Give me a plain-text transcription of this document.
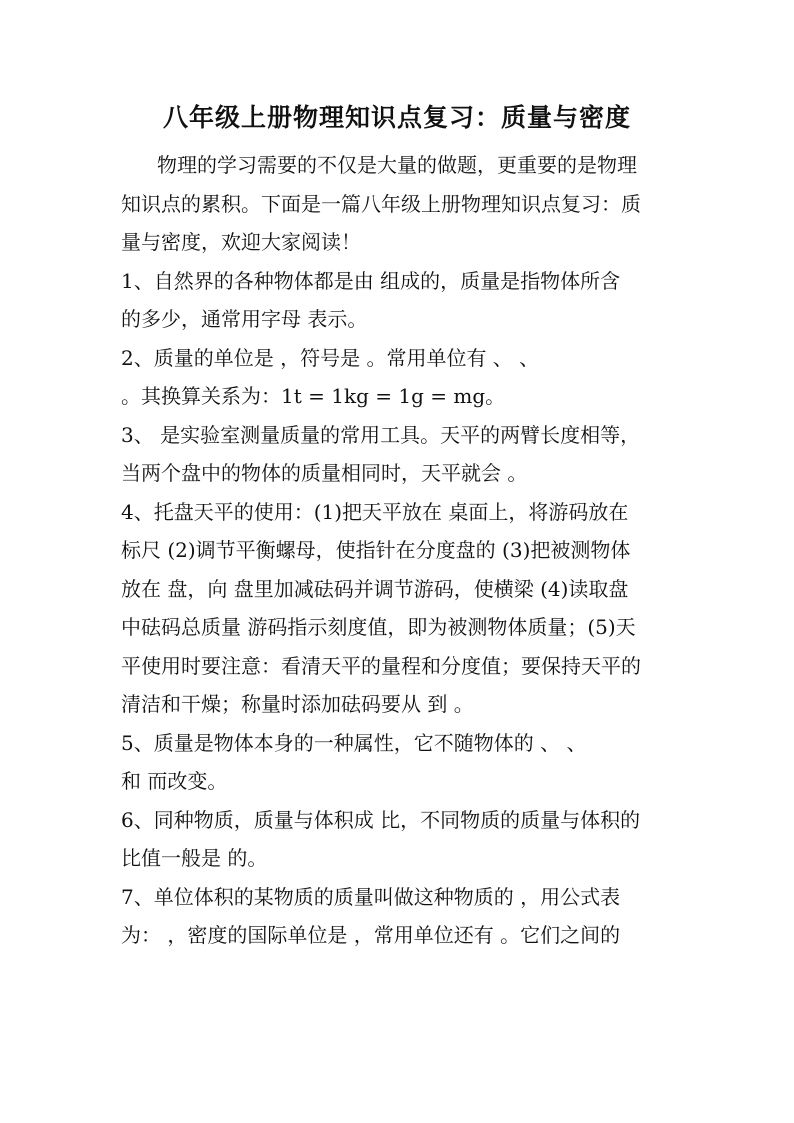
八年级上册物理知识点复习：质量与密度
物理的学习需要的不仅是大量的做题，更重要的是物理
知识点的累积。下面是一篇八年级上册物理知识点复习：质
量与密度，欢迎大家阅读！
1、自然界的各种物体都是由 组成的，质量是指物体所含
的多少，通常用字母 表示。
2、质量的单位是 ，符号是 。常用单位有 、 、
。其换算关系为：1t = 1kg = 1g = mg。
3、 是实验室测量质量的常用工具。天平的两臂长度相等，
当两个盘中的物体的质量相同时，天平就会 。
4、托盘天平的使用：(1)把天平放在 桌面上，将游码放在
标尺 (2)调节平衡螺母，使指针在分度盘的 (3)把被测物体
放在 盘，向 盘里加减砝码并调节游码，使横梁 (4)读取盘
中砝码总质量 游码指示刻度值，即为被测物体质量；(5)天
平使用时要注意：看清天平的量程和分度值；要保持天平的
清洁和干燥；称量时添加砝码要从 到 。
5、质量是物体本身的一种属性，它不随物体的 、 、
和 而改变。
6、同种物质，质量与体积成 比，不同物质的质量与体积的
比值一般是 的。
7、单位体积的某物质的质量叫做这种物质的 ，用公式表
为： ，密度的国际单位是 ，常用单位还有 。它们之间的
